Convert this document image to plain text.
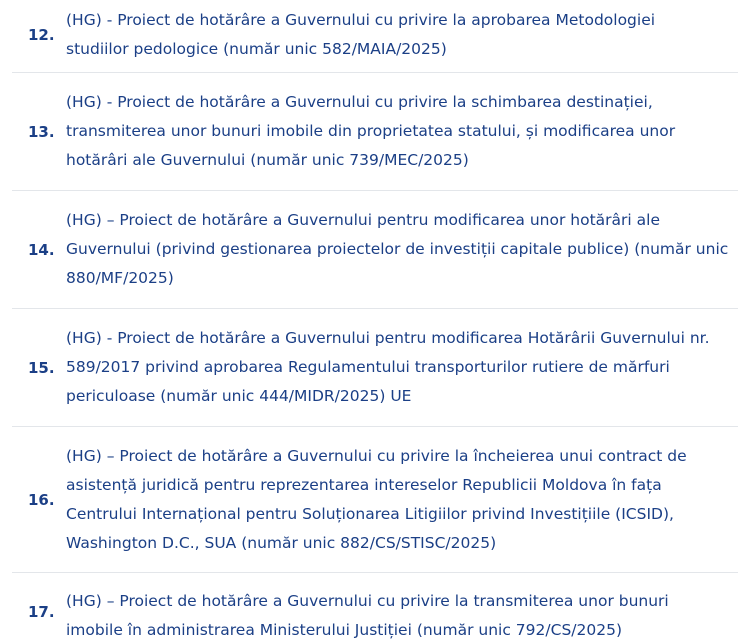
12.
(HG) - Proiect de hotărâre a Guvernului cu privire la aprobarea Metodologiei
studiilor pedologice (număr unic 582/MAIA/2025)
13.
(HG) - Proiect de hotărâre a Guvernului cu privire la schimbarea destinației,
transmiterea unor bunuri imobile din proprietatea statului, și modificarea unor
hotărâri ale Guvernului (număr unic 739/MEC/2025)
14.
(HG) – Proiect de hotărâre a Guvernului pentru modificarea unor hotărâri ale
Guvernului (privind gestionarea proiectelor de investiții capitale publice) (număr unic
880/MF/2025)
15.
(HG) - Proiect de hotărâre a Guvernului pentru modificarea Hotărârii Guvernului nr.
589/2017 privind aprobarea Regulamentului transporturilor rutiere de mărfuri
periculoase (număr unic 444/MIDR/2025) UE
16.
(HG) – Proiect de hotărâre a Guvernului cu privire la încheierea unui contract de
asistență juridică pentru reprezentarea intereselor Republicii Moldova în fața
Centrului Internațional pentru Soluționarea Litigiilor privind Investițiile (ICSID),
Washington D.C., SUA (număr unic 882/CS/STISC/2025)
17.
(HG) – Proiect de hotărâre a Guvernului cu privire la transmiterea unor bunuri
imobile în administrarea Ministerului Justiției (număr unic 792/CS/2025)
